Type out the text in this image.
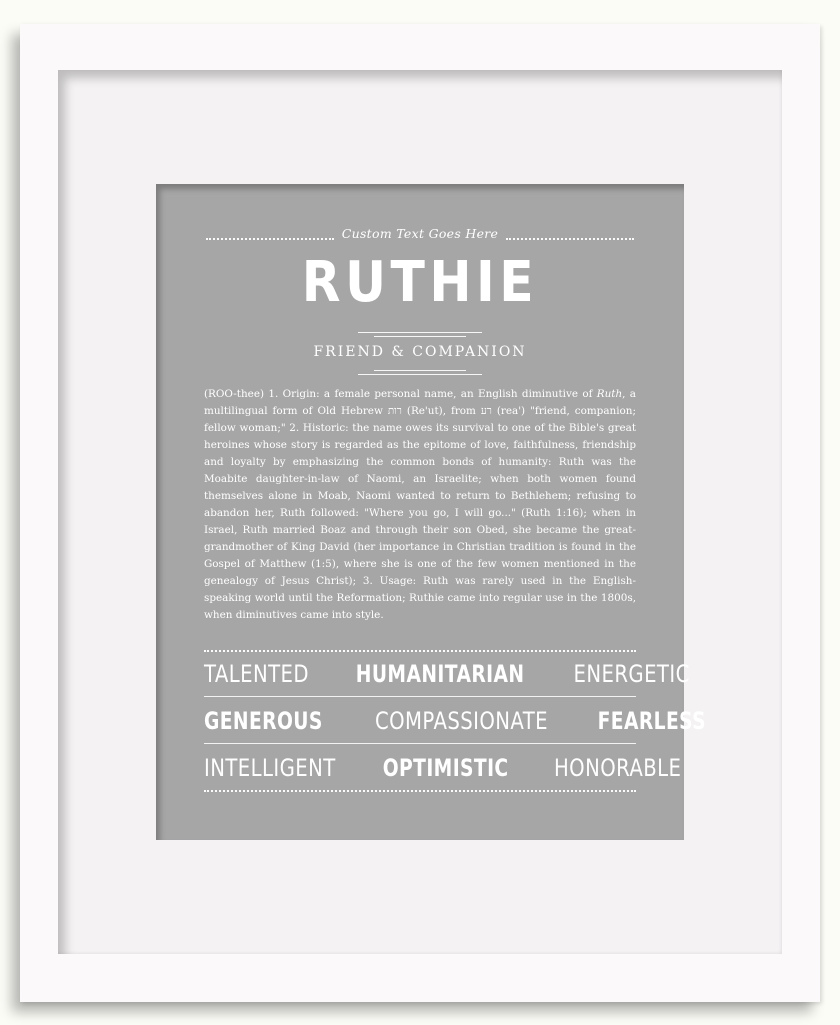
Custom Text Goes Here
RUTHIE
FRIEND & COMPANION
(ROO-thee) 1. Origin: a female personal name, an English diminutive of Ruth, a multilingual form of Old Hebrew רות (Re'ut), from רע (rea') "friend, companion; fellow woman;" 2. Historic: the name owes its survival to one of the Bible's great heroines whose story is regarded as the epitome of love, faithfulness, friendship and loyalty by emphasizing the common bonds of humanity: Ruth was the Moabite daughter-in-law of Naomi, an Israelite; when both women found themselves alone in Moab, Naomi wanted to return to Bethlehem; refusing to abandon her, Ruth followed: "Where you go, I will go..." (Ruth 1:16); when in Israel, Ruth married Boaz and through their son Obed, she became the great-grandmother of King David (her importance in Christian tradition is found in the Gospel of Matthew (1:5), where she is one of the few women mentioned in the genealogy of Jesus Christ); 3. Usage: Ruth was rarely used in the English-speaking world until the Reformation; Ruthie came into regular use in the 1800s, when diminutives came into style.
TALENTED HUMANITARIAN ENERGETIC
GENEROUS COMPASSIONATE FEARLESS
INTELLIGENT OPTIMISTIC HONORABLE
